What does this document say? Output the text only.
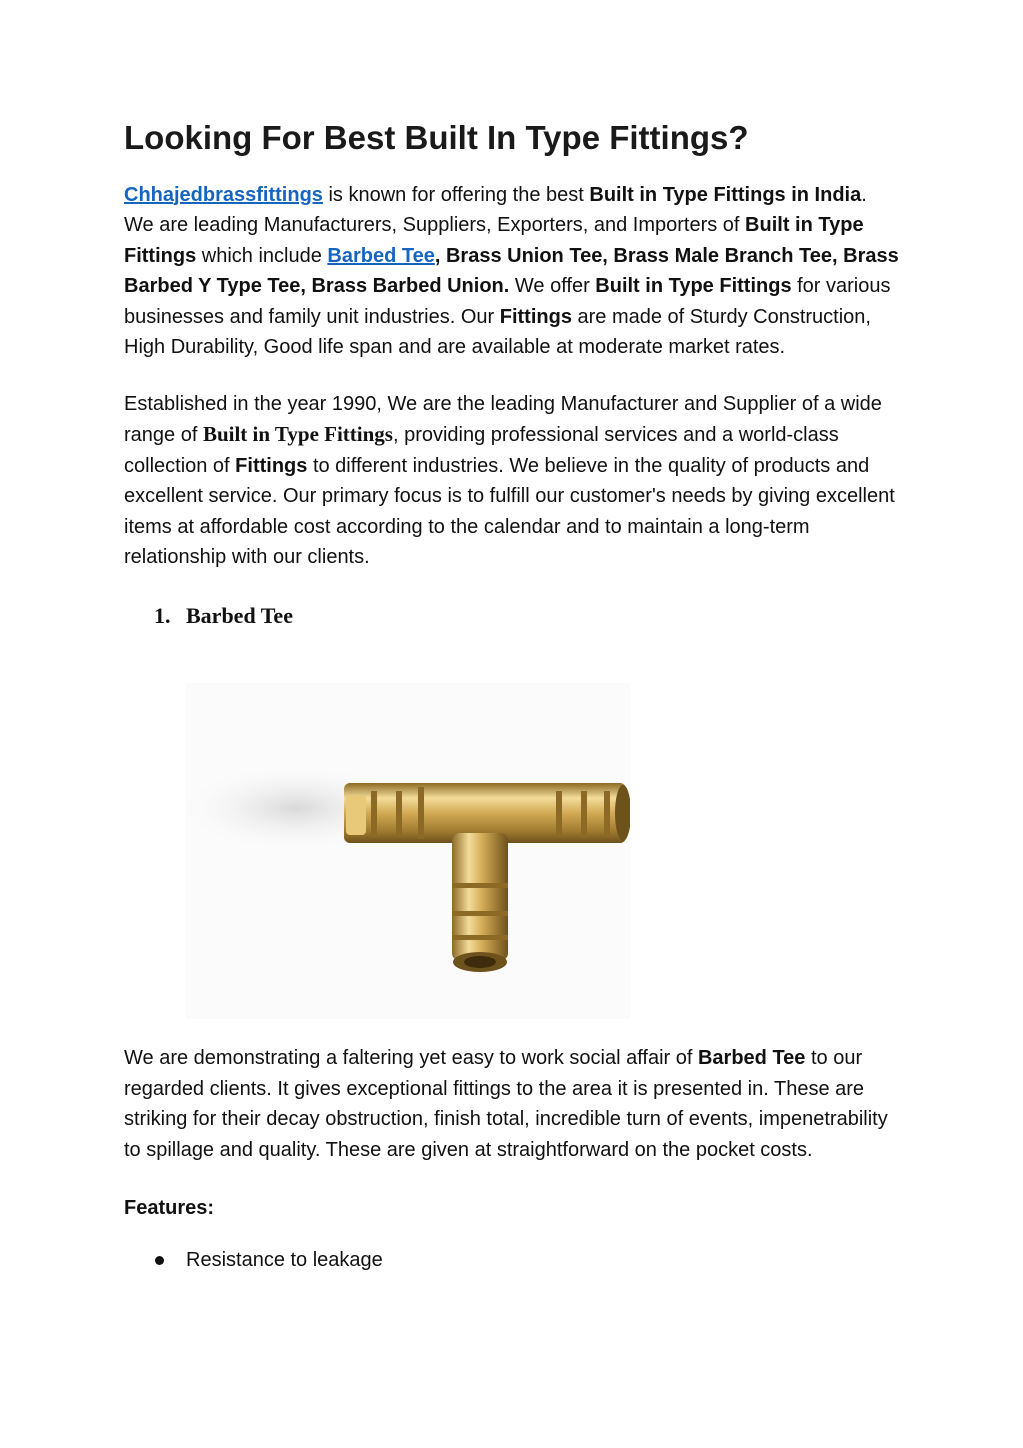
Looking For Best Built In Type Fittings?

Chhajedbrassfittings is known for offering the best Built in Type Fittings in India. We are leading Manufacturers, Suppliers, Exporters, and Importers of Built in Type Fittings which include Barbed Tee, Brass Union Tee, Brass Male Branch Tee, Brass Barbed Y Type Tee, Brass Barbed Union. We offer Built in Type Fittings for various businesses and family unit industries. Our Fittings are made of Sturdy Construction, High Durability, Good life span and are available at moderate market rates.

Established in the year 1990, We are the leading Manufacturer and Supplier of a wide range of Built in Type Fittings, providing professional services and a world-class collection of Fittings to different industries. We believe in the quality of products and excellent service. Our primary focus is to fulfill our customer's needs by giving excellent items at affordable cost according to the calendar and to maintain a long-term relationship with our clients.

1. Barbed Tee

We are demonstrating a faltering yet easy to work social affair of Barbed Tee to our regarded clients. It gives exceptional fittings to the area it is presented in. These are striking for their decay obstruction, finish total, incredible turn of events, impenetrability to spillage and quality. These are given at straightforward on the pocket costs.

Features:
Resistance to leakage
